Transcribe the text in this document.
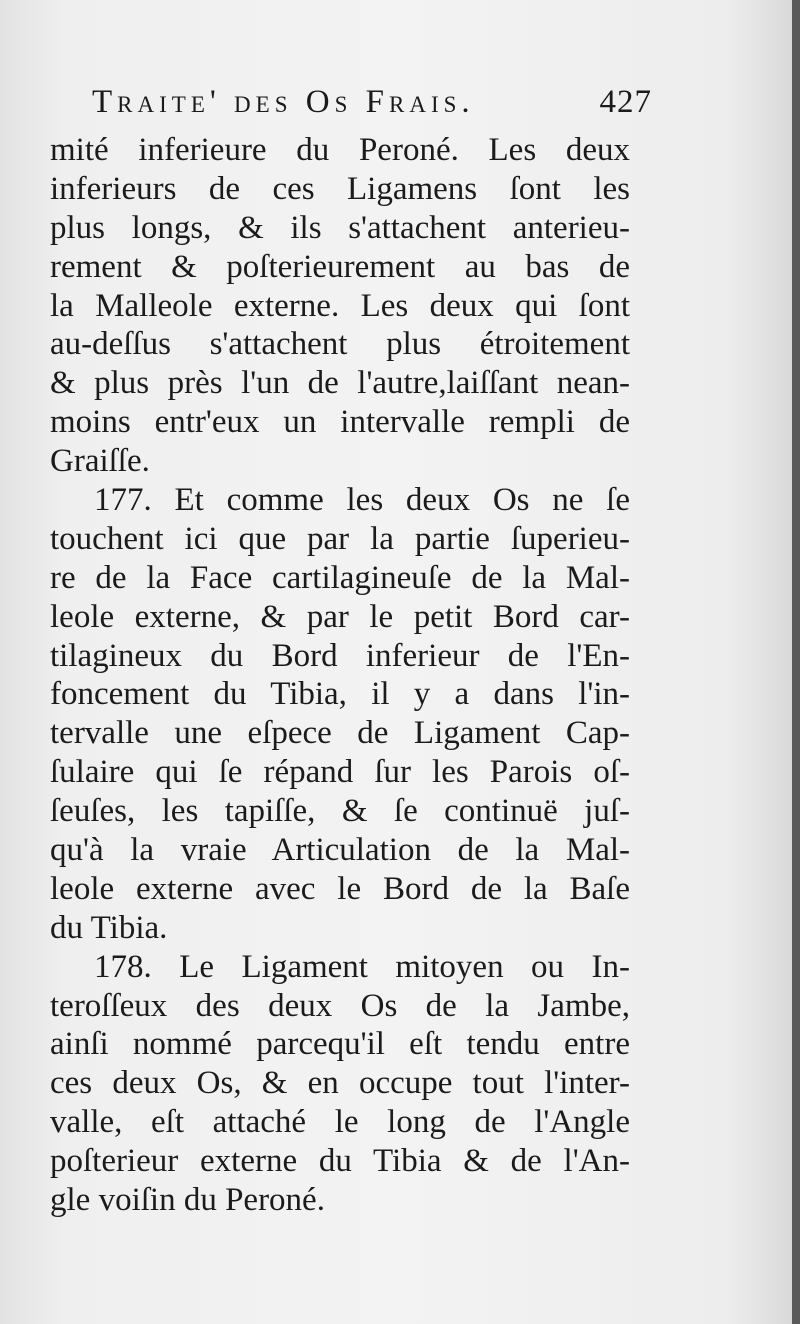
Traite' des Os Frais.	427
mité inferieure du Peroné. Les deux
inferieurs de ces Ligamens ſont les
plus longs, & ils s'attachent anterieu-
rement & poſterieurement au bas de
la Malleole externe. Les deux qui ſont
au-deſſus s'attachent plus étroitement
& plus près l'un de l'autre,laiſſant nean-
moins entr'eux un intervalle rempli de
Graiſſe.
177. Et comme les deux Os ne ſe
touchent ici que par la partie ſuperieu-
re de la Face cartilagineuſe de la Mal-
leole externe, & par le petit Bord car-
tilagineux du Bord inferieur de l'En-
foncement du Tibia, il y a dans l'in-
tervalle une eſpece de Ligament Cap-
ſulaire qui ſe répand ſur les Parois oſ-
ſeuſes, les tapiſſe, & ſe continuë juſ-
qu'à la vraie Articulation de la Mal-
leole externe avec le Bord de la Baſe
du Tibia.
178. Le Ligament mitoyen ou In-
teroſſeux des deux Os de la Jambe,
ainſi nommé parcequ'il eſt tendu entre
ces deux Os, & en occupe tout l'inter-
valle, eſt attaché le long de l'Angle
poſterieur externe du Tibia & de l'An-
gle voiſin du Peroné.
